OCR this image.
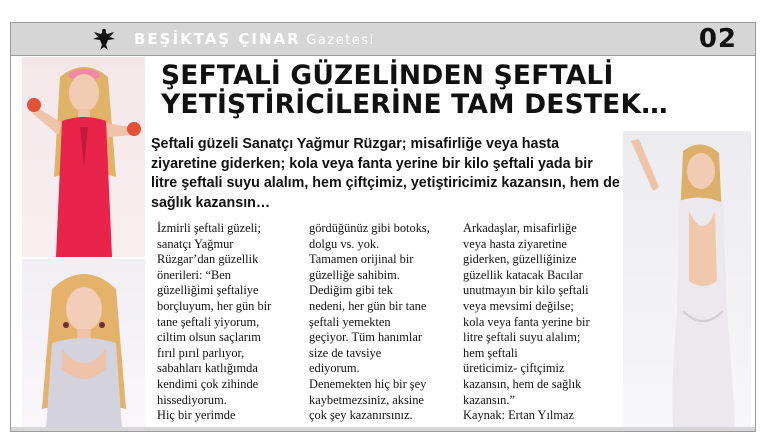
BEŞİKTAŞ ÇINAR Gazetesi	02
ŞEFTALİ GÜZELİNDEN ŞEFTALİ
YETİŞTİRİCİLERİNE TAM DESTEK…
Şeftali güzeli Sanatçı Yağmur Rüzgar; misafirliğe veya hasta ziyaretine giderken; kola veya fanta yerine bir kilo şeftali yada bir litre şeftali suyu alalım, hem çiftçimiz, yetiştiricimiz kazansın, hem de sağlık kazansın…
İzmirli şeftali güzeli;
sanatçı Yağmur
Rüzgar’dan güzellik
önerileri: “Ben
güzelliğimi şeftaliye
borçluyum, her gün bir
tane şeftali yiyorum,
ciltim olsun saçlarım
fırıl pırıl parlıyor,
sabahları katlığımda
kendimi çok zihinde
hissediyorum.
Hiç bir yerimde
gördüğünüz gibi botoks,
dolgu vs. yok.
Tamamen orijinal bir
güzelliğe sahibim.
Dediğim gibi tek
nedeni, her gün bir tane
şeftali yemekten
geçiyor. Tüm hanımlar
size de tavsiye
ediyorum.
Denemekten hiç bir şey
kaybetmezsiniz, aksine
çok şey kazanırsınız.
Arkadaşlar, misafirliğe
veya hasta ziyaretine
giderken, güzelliğinize
güzellik katacak Bacılar
unutmayın bir kilo şeftali
veya mevsimi değilse;
kola veya fanta yerine bir
litre şeftali suyu alalım;
hem şeftali
üreticimiz- çiftçimiz
kazansın, hem de sağlık
kazansın.”
Kaynak: Ertan Yılmaz
